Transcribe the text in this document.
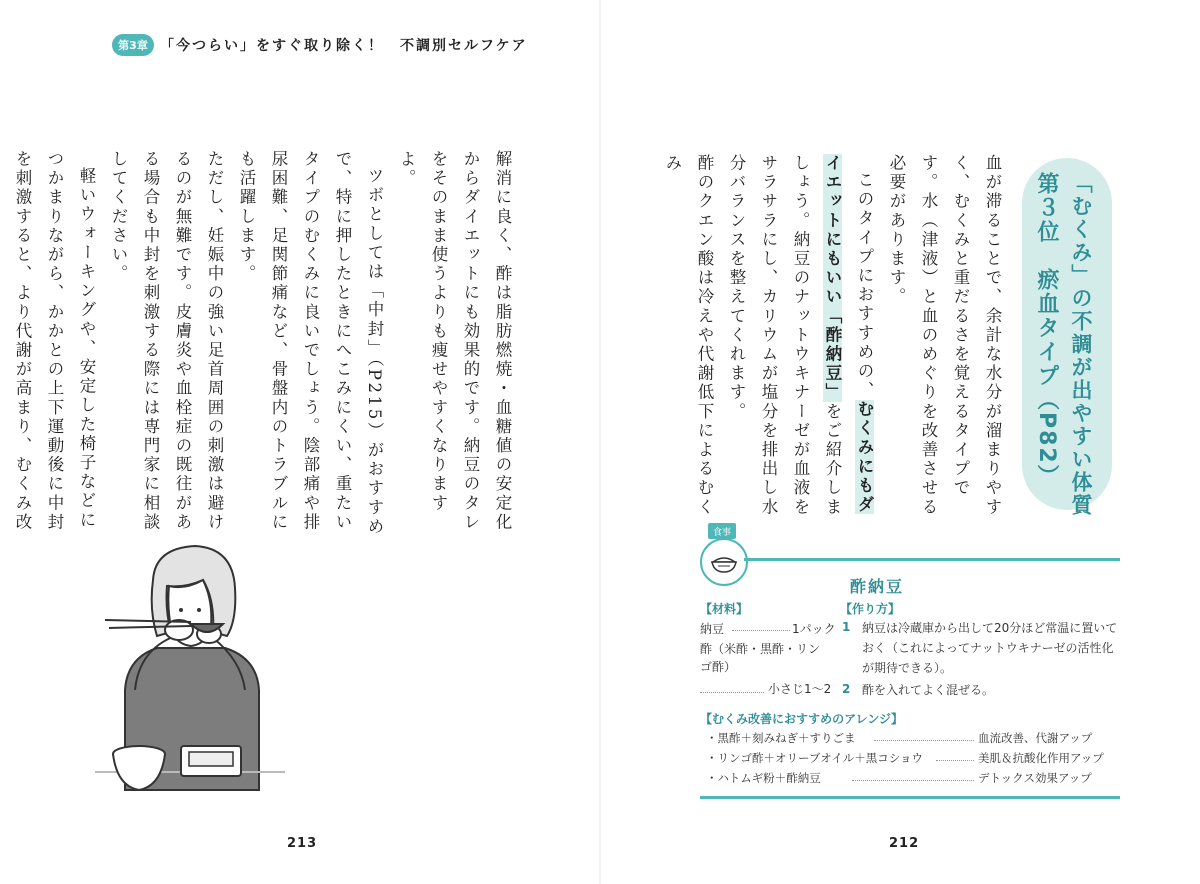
第3章 「今つらい」をすぐ取り除く！　不調別セルフケア

解消に良く、酢は脂肪燃焼・血糖値の安定化からダイエットにも効果的です。納豆のタレをそのまま使うよりも痩せやすくなりますよ。

ツボとしては「中封」（P215）がおすすめで、特に押したときにへこみにくい、重たいタイプのむくみに良いでしょう。陰部痛や排尿困難、足関節痛など、骨盤内のトラブルにも活躍します。

ただし、妊娠中の強い足首周囲の刺激は避けるのが無難です。皮膚炎や血栓症の既往がある場合も中封を刺激する際には専門家に相談してください。

軽いウォーキングや、安定した椅子などにつかまりながら、かかとの上下運動後に中封を刺激すると、より代謝が高まり、むくみ改

213
「むくみ」の不調が出やすい体質
第３位　瘀血タイプ（P82）

血が滞ることで、余計な水分が溜まりやすく、むくみと重だるさを覚えるタイプです。水（津液）と血のめぐりを改善させる必要があります。

このタイプにおすすめの、むくみにもダイエットにもいい「酢納豆」をご紹介しましょう。納豆のナットウキナーゼが血液をサラサラにし、カリウムが塩分を排出し水分バランスを整えてくれます。

酢のクエン酸は冷えや代謝低下によるむくみ

食事
酢納豆
【材料】
納豆	1パック
酢（米酢・黒酢・リンゴ酢）
小さじ1〜2
【作り方】
1 納豆は冷蔵庫から出して20分ほど常温に置いておく（これによってナットウキナーゼの活性化が期待できる）。
2 酢を入れてよく混ぜる。
【むくみ改善におすすめのアレンジ】
・黒酢＋刻みねぎ＋すりごま	血流改善、代謝アップ
・リンゴ酢＋オリーブオイル＋黒コショウ	美肌＆抗酸化作用アップ
・ハトムギ粉＋酢納豆	デトックス効果アップ
212
